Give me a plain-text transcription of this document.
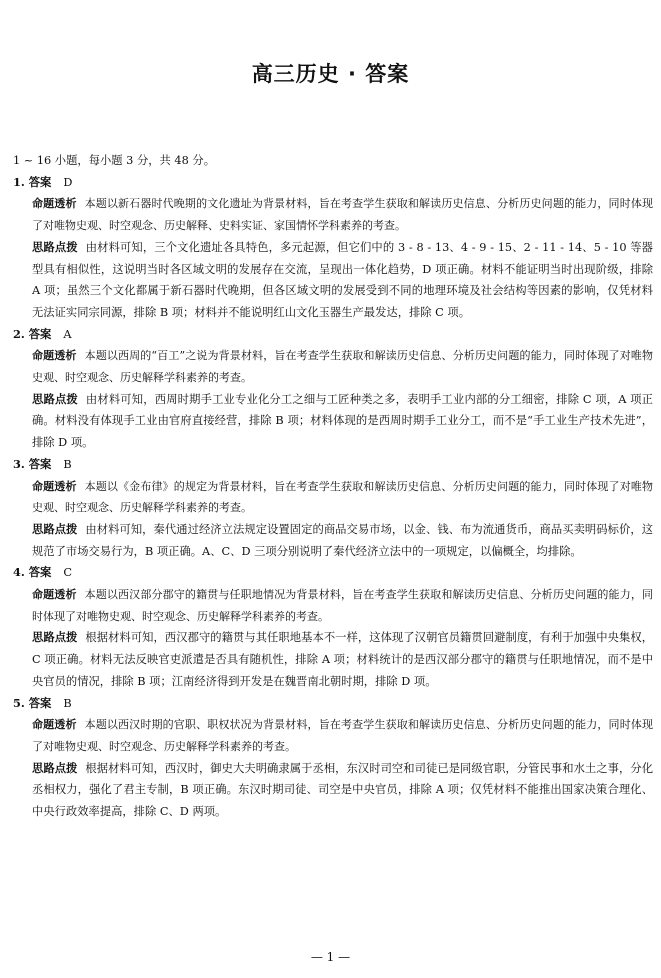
高三历史 · 答案

1 ~ 16 小题，每小题 3 分，共 48 分。

1. 答案 D

命题透析 本题以新石器时代晚期的文化遗址为背景材料，旨在考查学生获取和解读历史信息、分析历史问题的能力，同时体现了对唯物史观、时空观念、历史解释、史料实证、家国情怀学科素养的考查。

思路点拨 由材料可知，三个文化遗址各具特色，多元起源，但它们中的 3 - 8 - 13、4 - 9 - 15、2 - 11 - 14、5 - 10 等器型具有相似性，这说明当时各区域文明的发展存在交流，呈现出一体化趋势，D 项正确。材料不能证明当时出现阶级，排除 A 项；虽然三个文化都属于新石器时代晚期，但各区域文明的发展受到不同的地理环境及社会结构等因素的影响，仅凭材料无法证实同宗同源，排除 B 项；材料并不能说明红山文化玉器生产最发达，排除 C 项。

2. 答案 A

命题透析 本题以西周的“百工”之说为背景材料，旨在考查学生获取和解读历史信息、分析历史问题的能力，同时体现了对唯物史观、时空观念、历史解释学科素养的考查。

思路点拨 由材料可知，西周时期手工业专业化分工之细与工匠种类之多，表明手工业内部的分工细密，排除 C 项，A 项正确。材料没有体现手工业由官府直接经营，排除 B 项；材料体现的是西周时期手工业分工，而不是“手工业生产技术先进”，排除 D 项。

3. 答案 B

命题透析 本题以《金布律》的规定为背景材料，旨在考查学生获取和解读历史信息、分析历史问题的能力，同时体现了对唯物史观、时空观念、历史解释学科素养的考查。

思路点拨 由材料可知，秦代通过经济立法规定设置固定的商品交易市场，以金、钱、布为流通货币，商品买卖明码标价，这规范了市场交易行为，B 项正确。A、C、D 三项分别说明了秦代经济立法中的一项规定，以偏概全，均排除。

4. 答案 C

命题透析 本题以西汉部分郡守的籍贯与任职地情况为背景材料，旨在考查学生获取和解读历史信息、分析历史问题的能力，同时体现了对唯物史观、时空观念、历史解释学科素养的考查。

思路点拨 根据材料可知，西汉郡守的籍贯与其任职地基本不一样，这体现了汉朝官员籍贯回避制度，有利于加强中央集权，C 项正确。材料无法反映官吏派遣是否具有随机性，排除 A 项；材料统计的是西汉部分郡守的籍贯与任职地情况，而不是中央官员的情况，排除 B 项；江南经济得到开发是在魏晋南北朝时期，排除 D 项。

5. 答案 B

命题透析 本题以西汉时期的官职、职权状况为背景材料，旨在考查学生获取和解读历史信息、分析历史问题的能力，同时体现了对唯物史观、时空观念、历史解释学科素养的考查。

思路点拨 根据材料可知，西汉时，御史大夫明确隶属于丞相，东汉时司空和司徒已是同级官职，分管民事和水土之事，分化丞相权力，强化了君主专制，B 项正确。东汉时期司徒、司空是中央官员，排除 A 项；仅凭材料不能推出国家决策合理化、中央行政效率提高，排除 C、D 两项。

— 1 —
